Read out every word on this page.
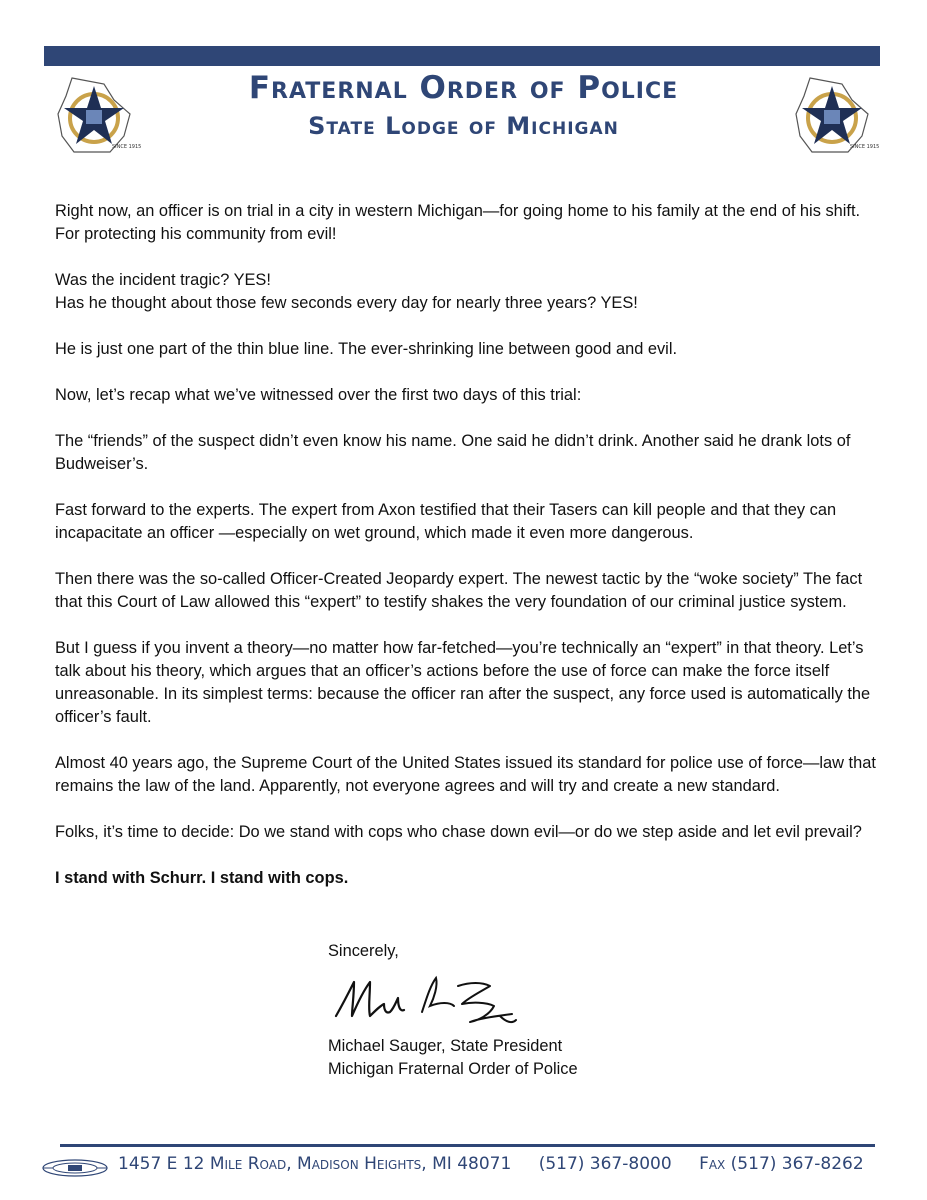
SINCE 1915
Fraternal Order of Police
State Lodge of Michigan
SINCE 1915

Right now, an officer is on trial in a city in western Michigan—for going home to his family at the end of his shift. For protecting his community from evil!

Was the incident tragic? YES!

Has he thought about those few seconds every day for nearly three years? YES!

He is just one part of the thin blue line. The ever-shrinking line between good and evil.

Now, let’s recap what we’ve witnessed over the first two days of this trial:

The “friends” of the suspect didn’t even know his name. One said he didn’t drink. Another said he drank lots of Budweiser’s.

Fast forward to the experts. The expert from Axon testified that their Tasers can kill people and that they can incapacitate an officer —especially on wet ground, which made it even more dangerous.

Then there was the so-called Officer-Created Jeopardy expert. The newest tactic by the “woke society” The fact that this Court of Law allowed this “expert” to testify shakes the very foundation of our criminal justice system.

But I guess if you invent a theory—no matter how far-fetched—you’re technically an “expert” in that theory. Let’s talk about his theory, which argues that an officer’s actions before the use of force can make the force itself unreasonable. In its simplest terms: because the officer ran after the suspect, any force used is automatically the officer’s fault.

Almost 40 years ago, the Supreme Court of the United States issued its standard for police use of force—law that remains the law of the land. Apparently, not everyone agrees and will try and create a new standard.

Folks, it’s time to decide: Do we stand with cops who chase down evil—or do we step aside and let evil prevail?

I stand with Schurr. I stand with cops.

Sincerely,
Michael Sauger, State President
Michigan Fraternal Order of Police
1457 E 12 Mile Road, Madison Heights, MI 48071 (517) 367-8000 Fax (517) 367-8262
